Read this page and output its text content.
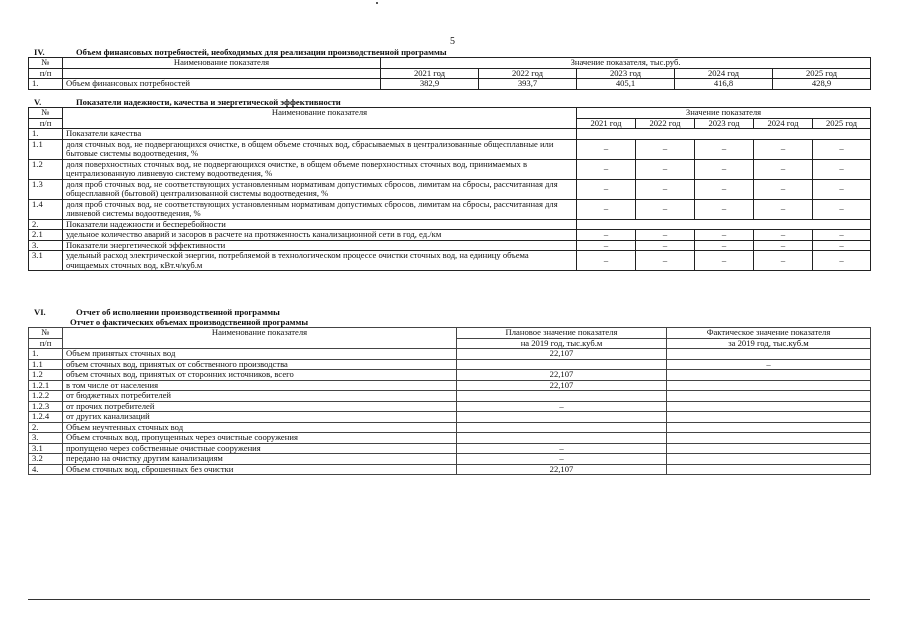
5
IV.	Объем финансовых потребностей, необходимых для реализации производственной программы
№	Наименование показателя	Значение показателя, тыс.руб.				
п/п		2021 год	2022 год	2023 год	2024 год	2025 год
1.	Объем финансовых потребностей	382,9	393,7	405,1	416,8	428,9
V.	Показатели надежности, качества и энергетической эффективности
№	Наименование показателя	Значение показателя				
п/п		2021 год	2022 год	2023 год	2024 год	2025 год
1.	Показатели качества					
1.1	доля сточных вод, не подвергающихся очистке, в общем объеме сточных вод, сбрасываемых в централизованные общесплавные или бытовые системы водоотведения, %	–	–	–	–	–
1.2	доля поверхностных сточных вод, не подвергающихся очистке, в общем объеме поверхностных сточных вод, принимаемых в централизованную ливневую систему водоотведения, %	–	–	–	–	–
1.3	доля проб сточных вод, не соответствующих установленным нормативам допустимых сбросов, лимитам на сбросы, рассчитанная для общесплавной (бытовой) централизованной системы водоотведения, %	–	–	–	–	–
1.4	доля проб сточных вод, не соответствующих установленным нормативам допустимых сбросов, лимитам на сбросы, рассчитанная для ливневой системы водоотведения, %	–	–	–	–	–
2.	Показатели надежности и бесперебойности					
2.1	удельное количество аварий и засоров в расчете на протяженность канализационной сети в год, ед./км	–	–	–	–	–
3.	Показатели энергетической эффективности	–	–	–	–	–
3.1	удельный расход электрической энергии, потребляемой в технологическом процессе очистки сточных вод, на единицу объема очищаемых сточных вод, кВт.ч/куб.м	–	–	–	–	–
VI.	Отчет об исполнении производственной программы
Отчет о фактических объемах производственной программы
№	Наименование показателя	Плановое значение показателя	Фактическое значение показателя
п/п		на 2019 год, тыс.куб.м	за 2019 год, тыс.куб.м
1.	Объем принятых сточных вод	22,107	
1.1	объем сточных вод, принятых от собственного производства		–
1.2	объем сточных вод, принятых от сторонних источников, всего	22,107	
1.2.1	в том числе от населения	22,107	
1.2.2	от бюджетных потребителей		
1.2.3	от прочих потребителей	–	
1.2.4	от других канализаций		
2.	Объем неучтенных сточных вод		
3.	Объем сточных вод, пропущенных через очистные сооружения		
3.1	пропущено через собственные очистные сооружения	–	
3.2	передано на очистку другим канализациям	–	
4.	Объем сточных вод, сброшенных без очистки	22,107	
